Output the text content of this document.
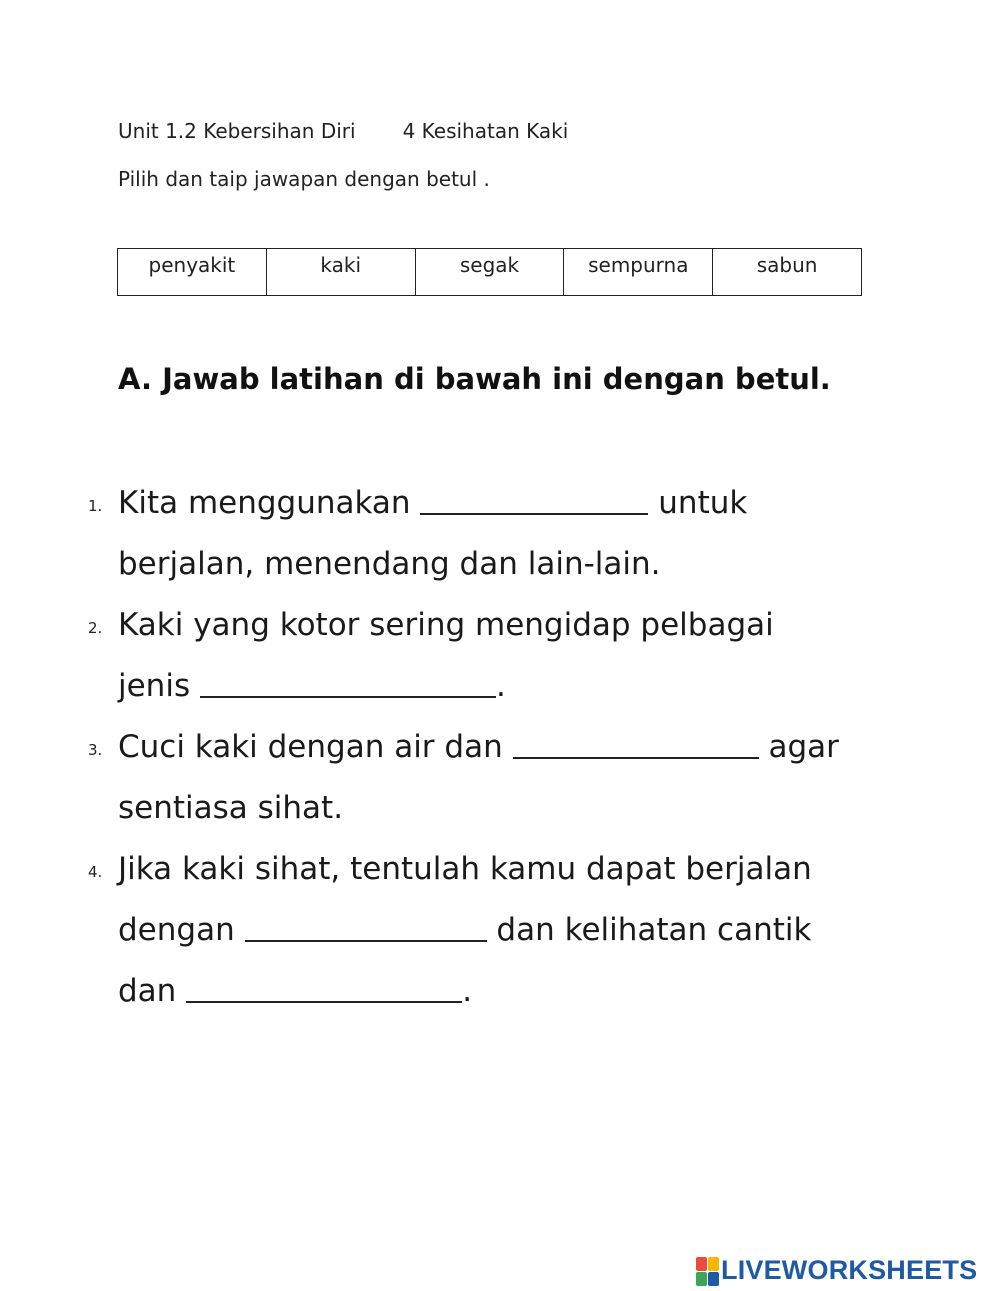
Unit 1.2 Kebersihan Diri 4 Kesihatan Kaki
Pilih dan taip jawapan dengan betul .
penyakit	kaki	segak	sempurna	sabun
A. Jawab latihan di bawah ini dengan betul.
1. Kita menggunakan	untuk
berjalan, menendang dan lain-lain.
2. Kaki yang kotor sering mengidap pelbagai
jenis	.
3. Cuci kaki dengan air dan	agar
sentiasa sihat.
4. Jika kaki sihat, tentulah kamu dapat berjalan
dengan	dan kelihatan cantik
dan	.
LIVEWORKSHEETS
